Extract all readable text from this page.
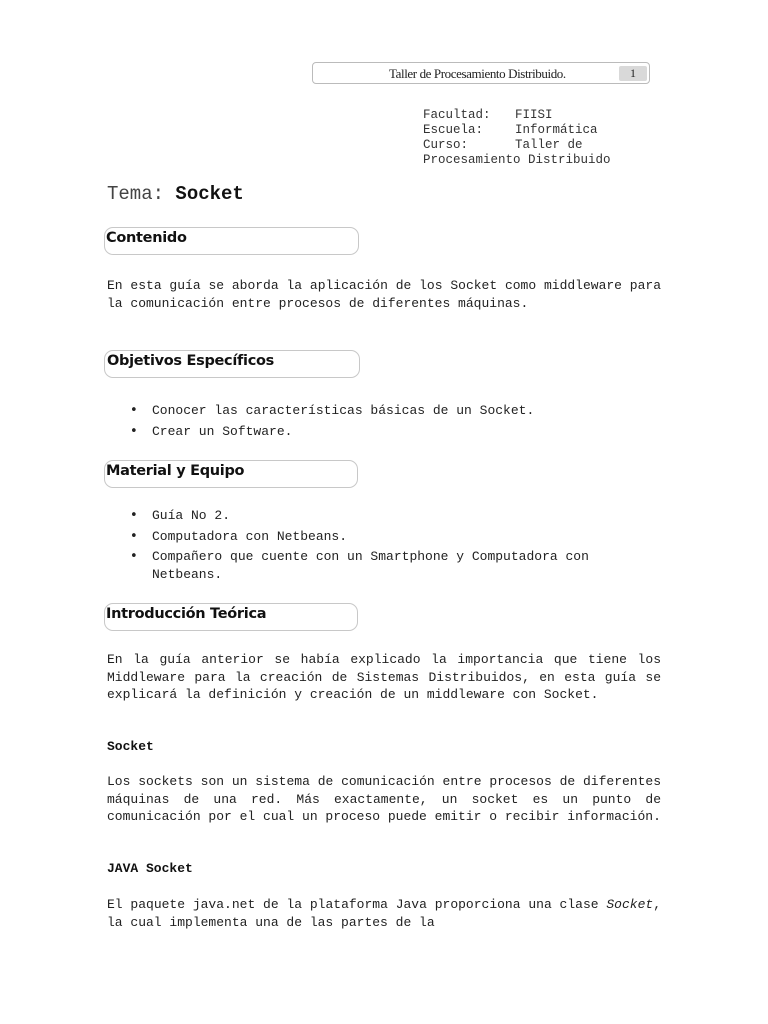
Taller de Procesamiento Distribuido.	1
Facultad:	FIISI
Escuela:	Informática
Curso:	Taller de
Procesamiento Distribuido
Tema: Socket
Contenido
En esta guía se aborda la aplicación de los Socket como middleware para la comunicación entre procesos de diferentes máquinas.
Objetivos Específicos
• Conocer las características básicas de un Socket.
• Crear un Software.
Material y Equipo
• Guía No 2.
• Computadora con Netbeans.
• Compañero que cuente con un Smartphone y Computadora con Netbeans.
Introducción Teórica
En la guía anterior se había explicado la importancia que tiene los Middleware para la creación de Sistemas Distribuidos, en esta guía se explicará la definición y creación de un middleware con Socket.
Socket
Los sockets son un sistema de comunicación entre procesos de diferentes máquinas de una red. Más exactamente, un socket es un punto de comunicación por el cual un proceso puede emitir o recibir información.
JAVA Socket
El paquete java.net de la plataforma Java proporciona una clase Socket, la cual implementa una de las partes de la
